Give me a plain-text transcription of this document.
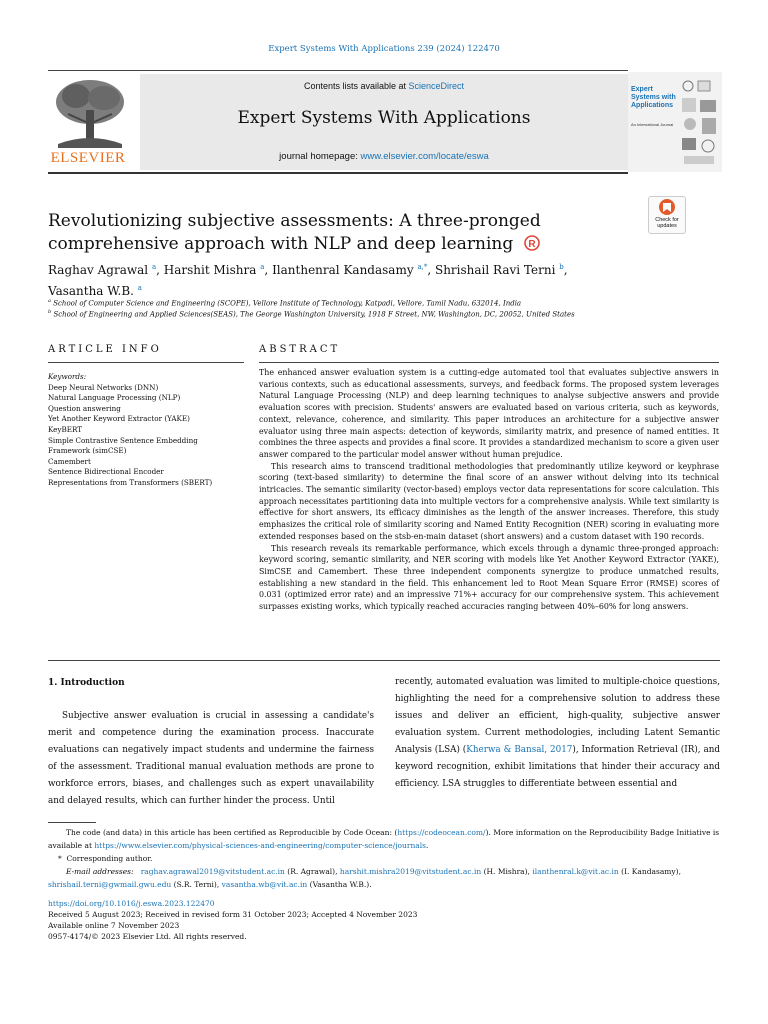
Expert Systems With Applications 239 (2024) 122470
ELSEVIER
Contents lists available at ScienceDirect
Expert Systems With Applications
journal homepage: www.elsevier.com/locate/eswa
Expert Systems with Applications
An International Journal
Check for updates
Revolutionizing subjective assessments: A three-pronged comprehensive approach with NLP and deep learning R
Raghav Agrawal $^a$, Harshit Mishra $^a$, Ilanthenral Kandasamy $^{a,*}$, Shrishail Ravi Terni $^b$,
Vasantha W.B. $^a$
$^a$ School of Computer Science and Engineering (SCOPE), Vellore Institute of Technology, Katpadi, Vellore, Tamil Nadu, 632014, India
$^b$ School of Engineering and Applied Sciences(SEAS), The George Washington University, 1918 F Street, NW, Washington, DC, 20052, United States
ARTICLE INFO	ABSTRACT
Keywords:
Deep Neural Networks (DNN)
Natural Language Processing (NLP)
Question answering
Yet Another Keyword Extractor (YAKE)
KeyBERT
Simple Contrastive Sentence Embedding
Framework (simCSE)
Camembert
Sentence Bidirectional Encoder
Representations from Transformers (SBERT)

The enhanced answer evaluation system is a cutting-edge automated tool that evaluates subjective answers in various contexts, such as educational assessments, surveys, and feedback forms. The proposed system leverages Natural Language Processing (NLP) and deep learning techniques to analyse subjective answers and provide evaluation scores with precision. Students' answers are evaluated based on various criteria, such as keywords, context, relevance, coherence, and similarity. This paper introduces an architecture for a subjective answer evaluator using three main aspects: detection of keywords, similarity matrix, and presence of named entities. It combines the three aspects and provides a final score. It provides a standardized mechanism to score a given user answer compared to the particular model answer without human prejudice.

This research aims to transcend traditional methodologies that predominantly utilize keyword or keyphrase scoring (text-based similarity) to determine the final score of an answer without delving into its technical intricacies. The semantic similarity (vector-based) employs vector data representations for score calculation. This approach necessitates partitioning data into multiple vectors for a comprehensive analysis. While text similarity is effective for short answers, its efficacy diminishes as the length of the answer increases. Therefore, this study emphasizes the critical role of similarity scoring and Named Entity Recognition (NER) scoring in evaluating more extended responses based on the stsb-en-main dataset (short answers) and a custom dataset with 190 records.

This research reveals its remarkable performance, which excels through a dynamic three-pronged approach: keyword scoring, semantic similarity, and NER scoring with models like Yet Another Keyword Extractor (YAKE), SimCSE and Camembert. These three independent components synergize to produce unmatched results, establishing a new standard in the field. This enhancement led to Root Mean Square Error (RMSE) scores of 0.031 (optimized error rate) and an impressive 71%+ accuracy for our comprehensive system. This achievement surpasses existing works, which typically reached accuracies ranging between 40%–60% for long answers.

1. Introduction
Subjective answer evaluation is crucial in assessing a candidate's merit and competence during the examination process. Inaccurate evaluations can negatively impact students and undermine the fairness of the assessment. Traditional manual evaluation methods are prone to workforce errors, biases, and challenges such as expert unavailability and delayed results, which can further hinder the process. Until
recently, automated evaluation was limited to multiple-choice questions, highlighting the need for a comprehensive solution to address these issues and deliver an efficient, high-quality, subjective answer evaluation system. Current methodologies, including Latent Semantic Analysis (LSA) (Kherwa & Bansal, 2017), Information Retrieval (IR), and keyword recognition, exhibit limitations that hinder their accuracy and efficiency. LSA struggles to differentiate between essential and
The code (and data) in this article has been certified as Reproducible by Code Ocean: (https://codeocean.com/). More information on the Reproducibility Badge Initiative is available at https://www.elsevier.com/physical-sciences-and-engineering/computer-science/journals.
* Corresponding author.
E-mail addresses: raghav.agrawal2019@vitstudent.ac.in (R. Agrawal), harshit.mishra2019@vitstudent.ac.in (H. Mishra), ilanthenral.k@vit.ac.in (I. Kandasamy), shrishail.terni@gwmail.gwu.edu (S.R. Terni), vasantha.wb@vit.ac.in (Vasantha W.B.).
https://doi.org/10.1016/j.eswa.2023.122470
Received 5 August 2023; Received in revised form 31 October 2023; Accepted 4 November 2023
Available online 7 November 2023
0957-4174/© 2023 Elsevier Ltd. All rights reserved.
